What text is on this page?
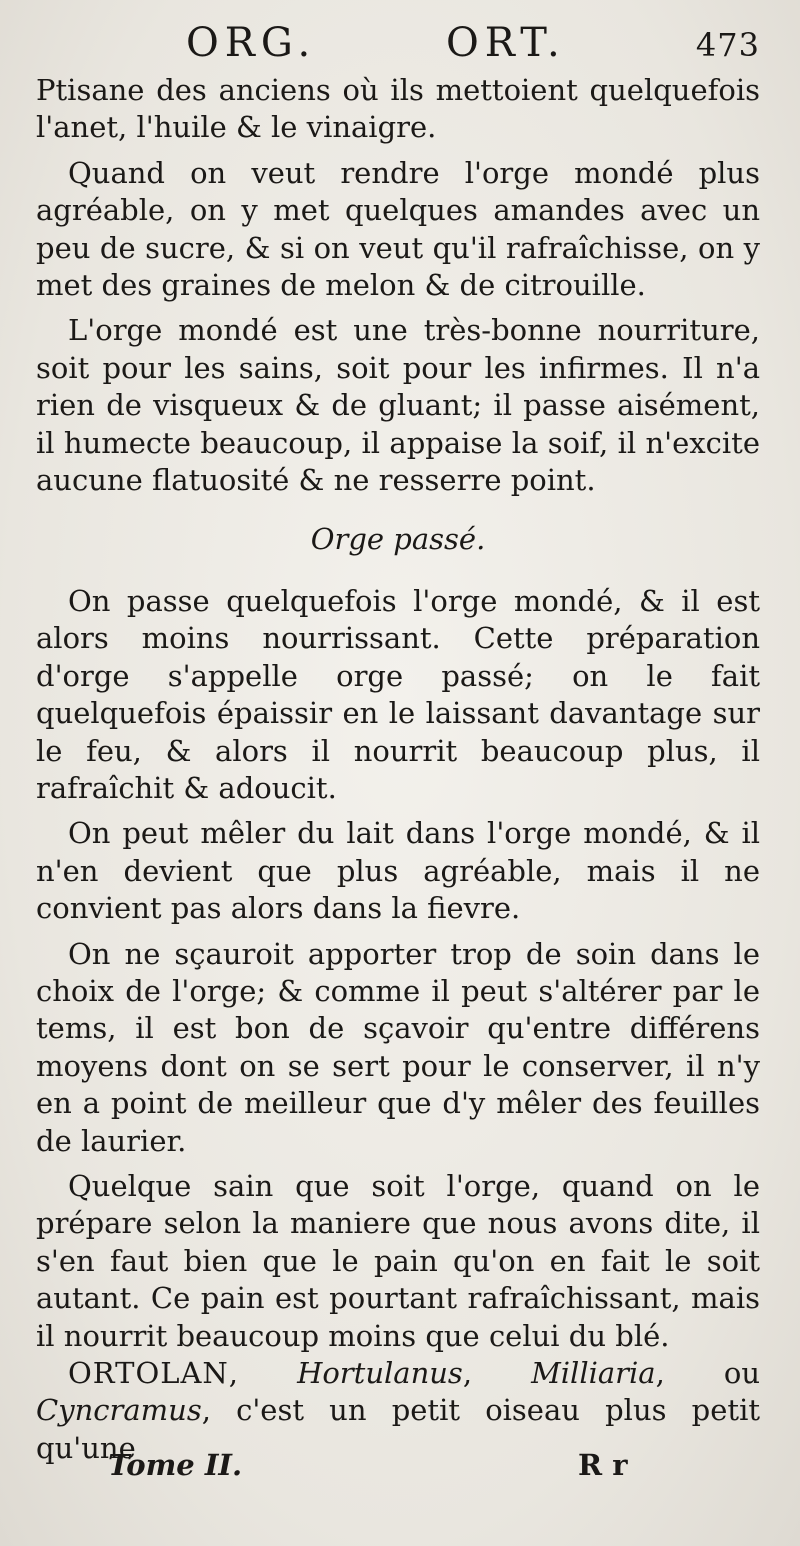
ORG.	ORT.	473

Ptisane des anciens où ils mettoient quelquefois l'anet, l'huile & le vinaigre.

Quand on veut rendre l'orge mondé plus agréable, on y met quelques amandes avec un peu de sucre, & si on veut qu'il rafraîchisse, on y met des graines de melon & de citrouille.

L'orge mondé est une très-bonne nourriture, soit pour les sains, soit pour les infirmes. Il n'a rien de visqueux & de gluant; il passe aisément, il humecte beaucoup, il appaise la soif, il n'excite aucune flatuosité & ne resserre point.

Orge passé.

On passe quelquefois l'orge mondé, & il est alors moins nourrissant. Cette préparation d'orge s'appelle orge passé; on le fait quelquefois épaissir en le laissant davantage sur le feu, & alors il nourrit beaucoup plus, il rafraîchit & adoucit.

On peut mêler du lait dans l'orge mondé, & il n'en devient que plus agréable, mais il ne convient pas alors dans la fievre.

On ne sçauroit apporter trop de soin dans le choix de l'orge; & comme il peut s'altérer par le tems, il est bon de sçavoir qu'entre différens moyens dont on se sert pour le conserver, il n'y en a point de meilleur que d'y mêler des feuilles de laurier.

Quelque sain que soit l'orge, quand on le prépare selon la maniere que nous avons dite, il s'en faut bien que le pain qu'on en fait le soit autant. Ce pain est pourtant rafraîchissant, mais il nourrit beaucoup moins que celui du blé.

ORTOLAN, Hortulanus, Milliaria, ou Cyncramus, c'est un petit oiseau plus petit qu'une

Tome II.	R r
